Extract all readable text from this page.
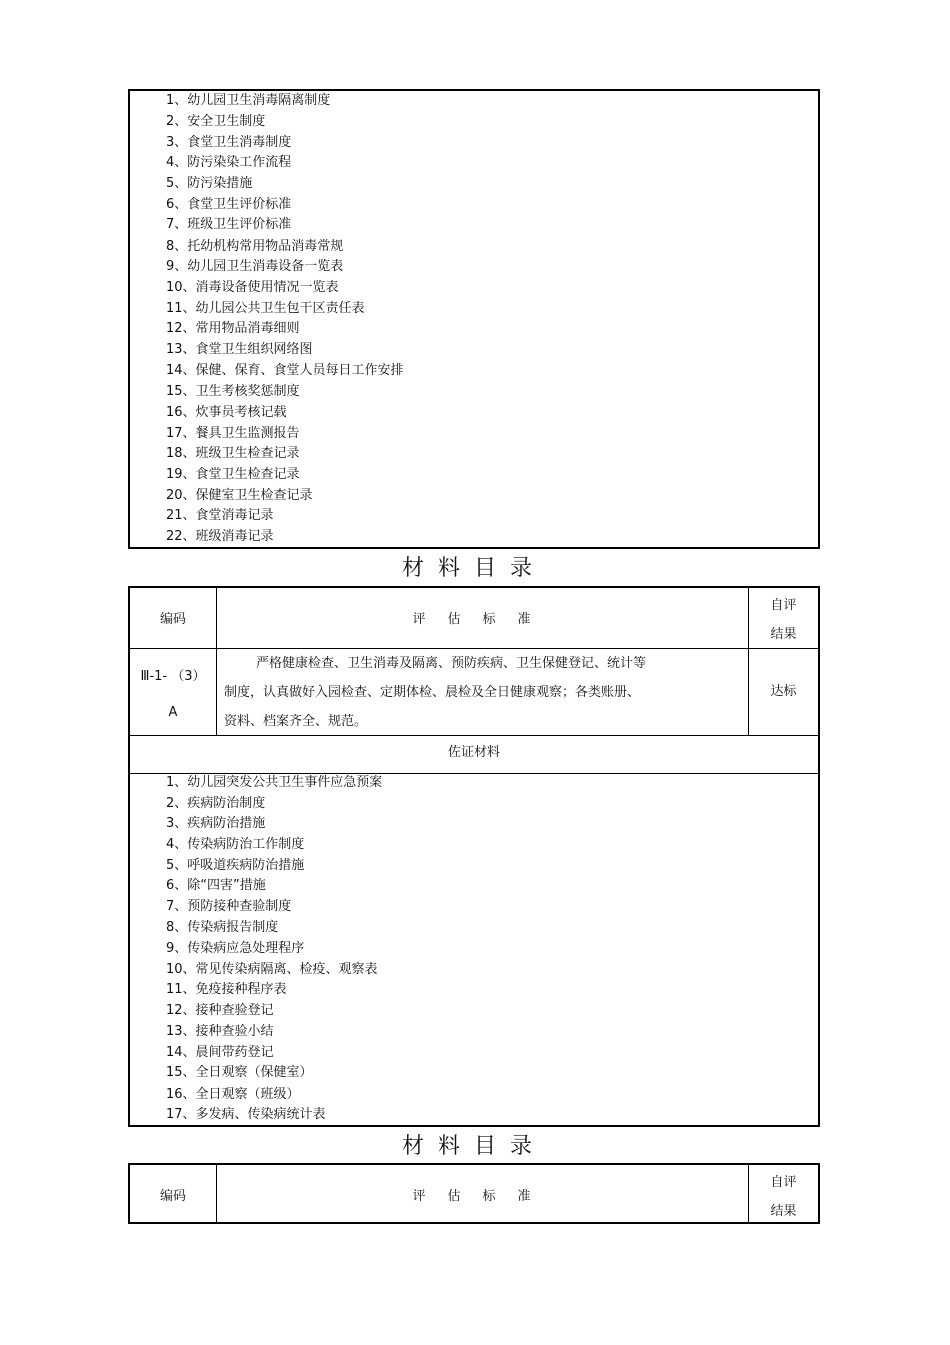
1、幼儿园卫生消毒隔离制度
2、安全卫生制度
3、食堂卫生消毒制度
4、防污染染工作流程
5、防污染措施
6、食堂卫生评价标准
7、班级卫生评价标准
8、托幼机构常用物品消毒常规
9、幼儿园卫生消毒设备一览表
10、消毒设备使用情况一览表
11、幼儿园公共卫生包干区责任表
12、常用物品消毒细则
13、食堂卫生组织网络图
14、保健、保育、食堂人员每日工作安排
15、卫生考核奖惩制度
16、炊事员考核记载
17、餐具卫生监测报告
18、班级卫生检查记录
19、食堂卫生检查记录
20、保健室卫生检查记录
21、食堂消毒记录
22、班级消毒记录
材料目录
编码	评估标准
自评
结果
Ⅲ-1- （3）
A
严格健康检查、卫生消毒及隔离、预防疾病、卫生保健登记、统计等
制度，认真做好入园检查、定期体检、晨检及全日健康观察；各类账册、
资料、档案齐全、规范。
达标
佐证材料
1、幼儿园突发公共卫生事件应急预案
2、疾病防治制度
3、疾病防治措施
4、传染病防治工作制度
5、呼吸道疾病防治措施
6、除“四害”措施
7、预防接种查验制度
8、传染病报告制度
9、传染病应急处理程序
10、常见传染病隔离、检疫、观察表
11、免疫接种程序表
12、接种查验登记
13、接种查验小结
14、晨间带药登记
15、全日观察（保健室）
16、全日观察（班级）
17、多发病、传染病统计表
材料目录
编码	评估标准
自评
结果
